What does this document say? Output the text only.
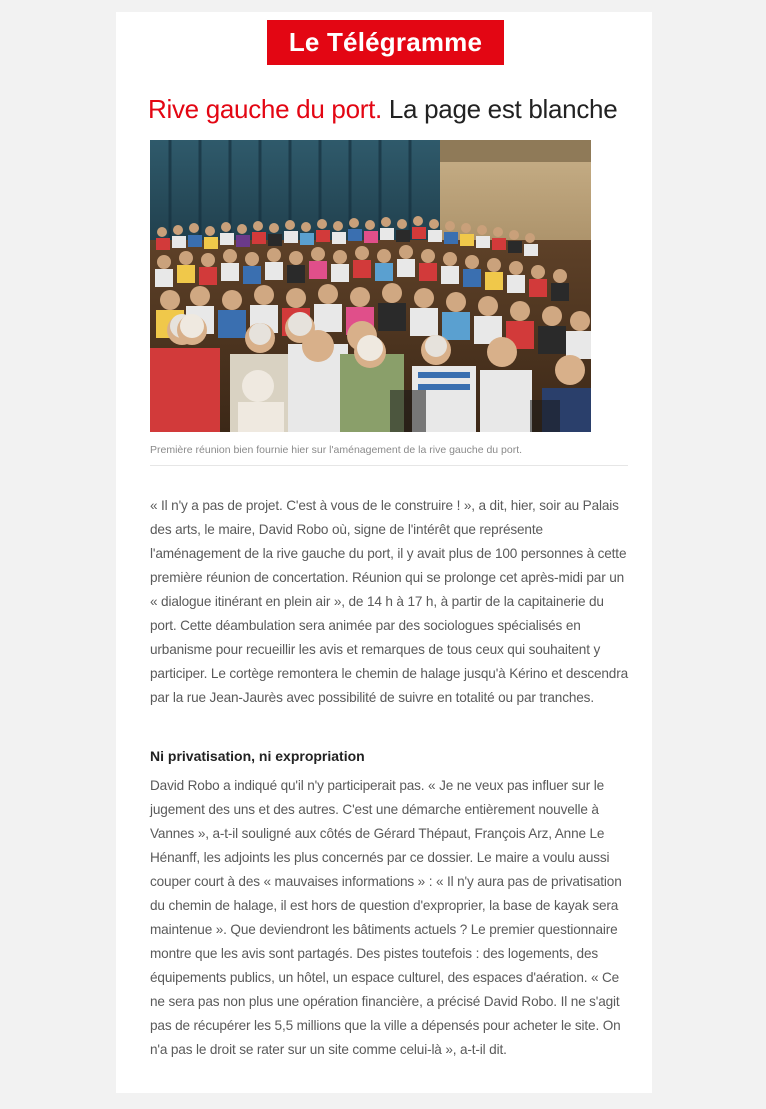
Le Télégramme
Rive gauche du port. La page est blanche
Première réunion bien fournie hier sur l'aménagement de la rive gauche du port.

« Il n'y a pas de projet. C'est à vous de le construire ! », a dit, hier, soir au Palais des arts, le maire, David Robo où, signe de l'intérêt que représente l'aménagement de la rive gauche du port, il y avait plus de 100 personnes à cette première réunion de concertation. Réunion qui se prolonge cet après-midi par un « dialogue itinérant en plein air », de 14 h à 17 h, à partir de la capitainerie du port. Cette déambulation sera animée par des sociologues spécialisés en urbanisme pour recueillir les avis et remarques de tous ceux qui souhaitent y participer. Le cortège remontera le chemin de halage jusqu'à Kérino et descendra par la rue Jean-Jaurès avec possibilité de suivre en totalité ou par tranches.

Ni privatisation, ni expropriation

David Robo a indiqué qu'il n'y participerait pas. « Je ne veux pas influer sur le jugement des uns et des autres. C'est une démarche entièrement nouvelle à Vannes », a-t-il souligné aux côtés de Gérard Thépaut, François Arz, Anne Le Hénanff, les adjoints les plus concernés par ce dossier. Le maire a voulu aussi couper court à des « mauvaises informations » : « Il n'y aura pas de privatisation du chemin de halage, il est hors de question d'exproprier, la base de kayak sera maintenue ». Que deviendront les bâtiments actuels ? Le premier questionnaire montre que les avis sont partagés. Des pistes toutefois : des logements, des équipements publics, un hôtel, un espace culturel, des espaces d'aération. « Ce ne sera pas non plus une opération financière, a précisé David Robo. Il ne s'agit pas de récupérer les 5,5 millions que la ville a dépensés pour acheter le site. On n'a pas le droit se rater sur un site comme celui-là », a-t-il dit.
